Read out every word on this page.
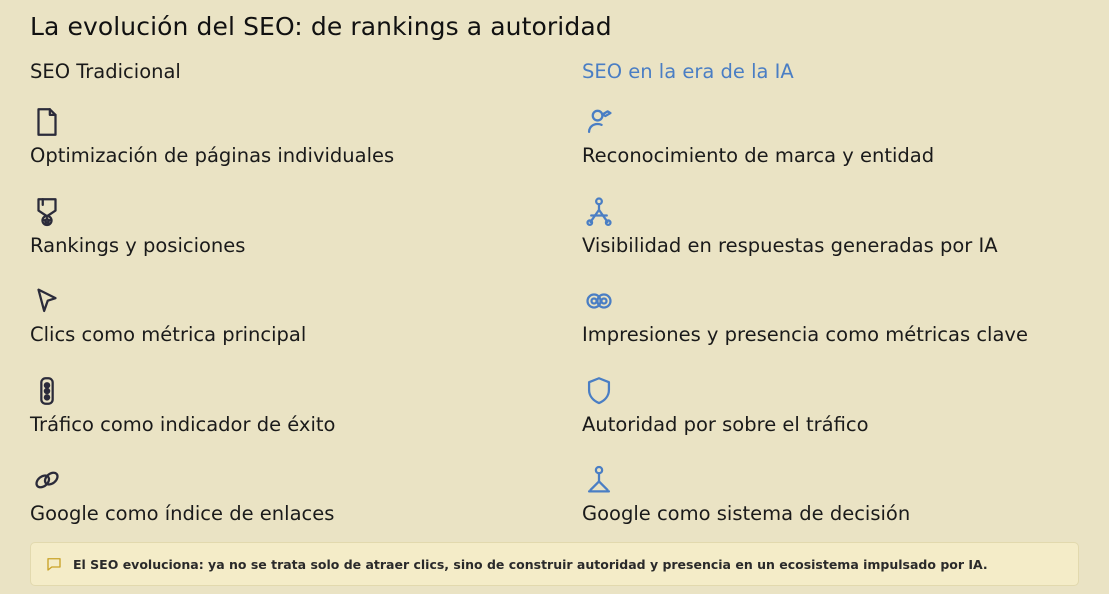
La evolución del SEO: de rankings a autoridad
SEO Tradicional
Optimización de páginas individuales
Rankings y posiciones
Clics como métrica principal
Tráfico como indicador de éxito
Google como índice de enlaces
SEO en la era de la IA
Reconocimiento de marca y entidad
Visibilidad en respuestas generadas por IA
Impresiones y presencia como métricas clave
Autoridad por sobre el tráfico
Google como sistema de decisión
El SEO evoluciona: ya no se trata solo de atraer clics, sino de construir autoridad y presencia en un ecosistema impulsado por IA.
